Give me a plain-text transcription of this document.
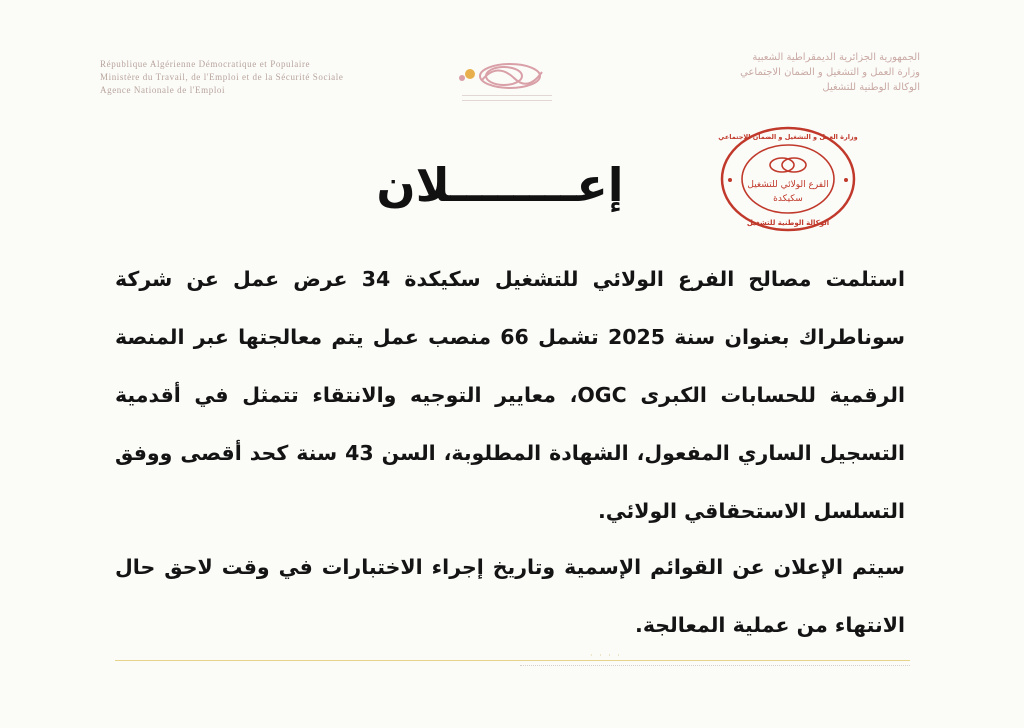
République Algérienne Démocratique et Populaire
Ministère du Travail, de l'Emploi et de la Sécurité Sociale
Agence Nationale de l'Emploi
الجمهورية الجزائرية الديمقراطية الشعبية
وزارة العمل و التشغيل و الضمان الاجتماعي
الوكالة الوطنية للتشغيل
الفرع الولائي للتشغيل
سكيكدة
وزارة العمل و التشغيل و الضمان الاجتماعي
الوكالة الوطنية للتشغيل
إعــــــــلان

استلمت مصالح الفرع الولائي للتشغيل سكيكدة 34 عرض عمل عن شركة سوناطراك بعنوان سنة 2025 تشمل 66 منصب عمل يتم معالجتها عبر المنصة الرقمية للحسابات الكبرى OGC، معايير التوجيه والانتقاء تتمثل في أقدمية التسجيل الساري المفعول، الشهادة المطلوبة، السن 43 سنة كحد أقصى ووفق التسلسل الاستحقاقي الولائي.

سيتم الإعلان عن القوائم الإسمية وتاريخ إجراء الاختبارات في وقت لاحق حال الانتهاء من عملية المعالجة.

· · · ·
